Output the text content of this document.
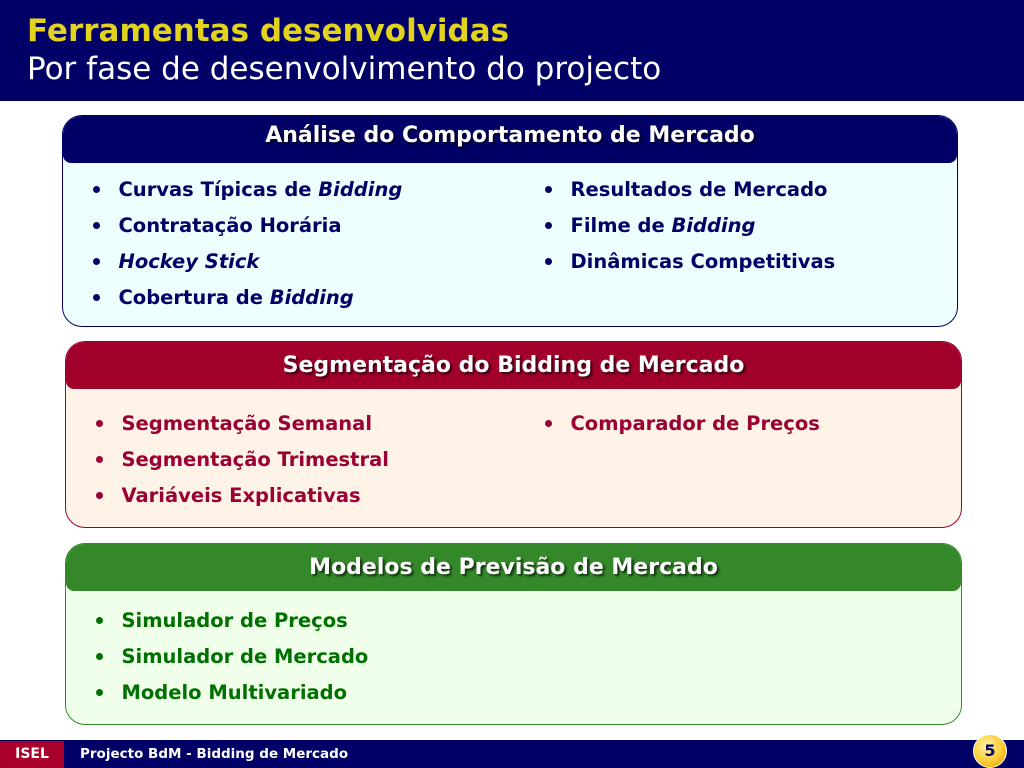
Ferramentas desenvolvidas
Por fase de desenvolvimento do projecto
Análise do Comportamento de Mercado
Curvas Típicas de Bidding
Contratação Horária
Hockey Stick
Cobertura de Bidding
Resultados de Mercado
Filme de Bidding
Dinâmicas Competitivas
Segmentação do Bidding de Mercado
Segmentação Semanal
Segmentação Trimestral
Variáveis Explicativas
Comparador de Preços
Modelos de Previsão de Mercado
Simulador de Preços
Simulador de Mercado
Modelo Multivariado
ISEL	Projecto BdM - Bidding de Mercado	5
